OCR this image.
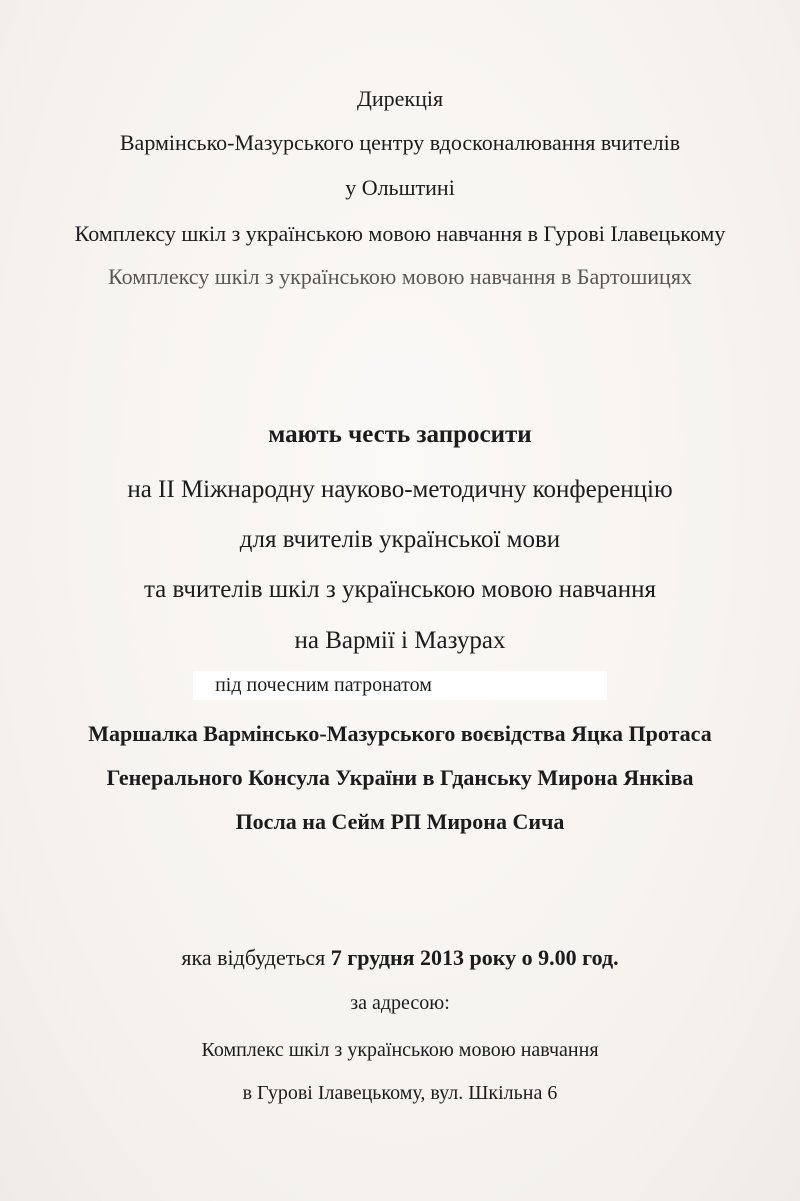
Дирекція
Вармінсько-Мазурського центру вдосконалювання вчителів
у Ольштині
Комплексу шкіл з українською мовою навчання в Гурові Ілавецькому
Комплексу шкіл з українською мовою навчання в Бартошицях
мають честь запросити
на ІІ Міжнародну науково-методичну конференцію
для вчителів української мови
та вчителів шкіл з українською мовою навчання
на Вармії і Мазурах
під почесним патронатом
Маршалка Вармінсько-Мазурського воєвідства Яцка Протаса
Генерального Консула України в Гданську Мирона Янківа
Посла на Сейм РП Мирона Сича
яка відбудеться 7 грудня 2013 року о 9.00 год.
за адресою:
Комплекс шкіл з українською мовою навчання
в Гурові Ілавецькому, вул. Шкільна 6
